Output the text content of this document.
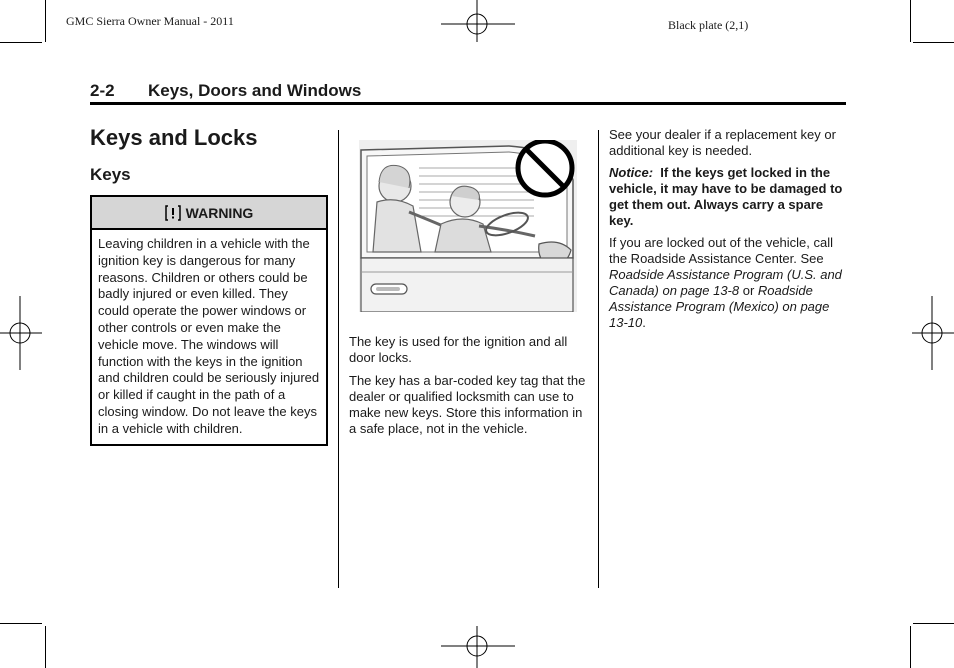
GMC Sierra Owner Manual - 2011	Black plate (2,1)
2-2 Keys, Doors and Windows
Keys and Locks
Keys
WARNING
Leaving children in a vehicle with the ignition key is dangerous for many reasons. Children or others could be badly injured or even killed. They could operate the power windows or other controls or even make the vehicle move. The windows will function with the keys in the ignition and children could be seriously injured or killed if caught in the path of a closing window. Do not leave the keys in a vehicle with children.

The key is used for the ignition and all door locks.

The key has a bar-coded key tag that the dealer or qualified locksmith can use to make new keys. Store this information in a safe place, not in the vehicle.

See your dealer if a replacement key or additional key is needed.

Notice: If the keys get locked in the vehicle, it may have to be damaged to get them out. Always carry a spare key.

If you are locked out of the vehicle, call the Roadside Assistance Center. See Roadside Assistance Program (U.S. and Canada) on page 13-8 or Roadside Assistance Program (Mexico) on page 13-10.
